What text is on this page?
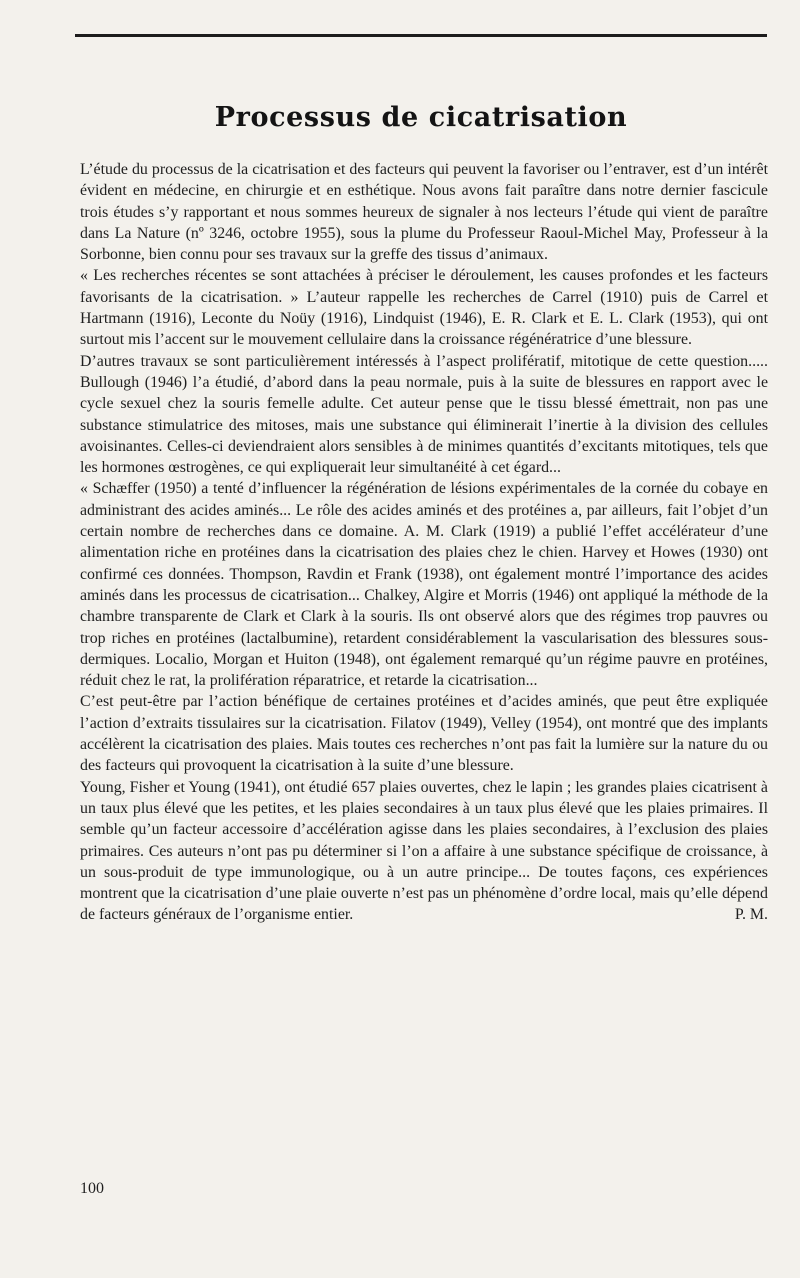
Processus de cicatrisation

L’étude du processus de la cicatrisation et des facteurs qui peuvent la favoriser ou l’entraver, est d’un intérêt évident en médecine, en chirurgie et en esthétique. Nous avons fait paraître dans notre dernier fascicule trois études s’y rapportant et nous sommes heureux de signaler à nos lecteurs l’étude qui vient de paraître dans La Nature (nº 3246, octobre 1955), sous la plume du Professeur Raoul-Michel May, Professeur à la Sorbonne, bien connu pour ses travaux sur la greffe des tissus d’animaux.

« Les recherches récentes se sont attachées à préciser le déroulement, les causes profondes et les facteurs favorisants de la cicatrisation. » L’auteur rappelle les recherches de Carrel (1910) puis de Carrel et Hartmann (1916), Leconte du Noüy (1916), Lindquist (1946), E. R. Clark et E. L. Clark (1953), qui ont surtout mis l’accent sur le mouvement cellulaire dans la croissance régénératrice d’une blessure.

D’autres travaux se sont particulièrement intéressés à l’aspect prolifératif, mitotique de cette question..... Bullough (1946) l’a étudié, d’abord dans la peau normale, puis à la suite de blessures en rapport avec le cycle sexuel chez la souris femelle adulte. Cet auteur pense que le tissu blessé émettrait, non pas une substance stimulatrice des mitoses, mais une substance qui éliminerait l’inertie à la division des cellules avoisinantes. Celles-ci deviendraient alors sensibles à de minimes quantités d’excitants mitotiques, tels que les hormones œstrogènes, ce qui expliquerait leur simultanéité à cet égard...

« Schæffer (1950) a tenté d’influencer la régénération de lésions expérimentales de la cornée du cobaye en administrant des acides aminés... Le rôle des acides aminés et des protéines a, par ailleurs, fait l’objet d’un certain nombre de recherches dans ce domaine. A. M. Clark (1919) a publié l’effet accélérateur d’une alimentation riche en protéines dans la cicatrisation des plaies chez le chien. Harvey et Howes (1930) ont confirmé ces données. Thompson, Ravdin et Frank (1938), ont également montré l’importance des acides aminés dans les processus de cicatrisation... Chalkey, Algire et Morris (1946) ont appliqué la méthode de la chambre transparente de Clark et Clark à la souris. Ils ont observé alors que des régimes trop pauvres ou trop riches en protéines (lactalbumine), retardent considérablement la vascularisation des blessures sous-dermiques. Localio, Morgan et Huiton (1948), ont également remarqué qu’un régime pauvre en protéines, réduit chez le rat, la prolifération réparatrice, et retarde la cicatrisation...

C’est peut-être par l’action bénéfique de certaines protéines et d’acides aminés, que peut être expliquée l’action d’extraits tissulaires sur la cicatrisation. Filatov (1949), Velley (1954), ont montré que des implants accélèrent la cicatrisation des plaies. Mais toutes ces recherches n’ont pas fait la lumière sur la nature du ou des facteurs qui provoquent la cicatrisation à la suite d’une blessure.

Young, Fisher et Young (1941), ont étudié 657 plaies ouvertes, chez le lapin ; les grandes plaies cicatrisent à un taux plus élevé que les petites, et les plaies secondaires à un taux plus élevé que les plaies primaires. Il semble qu’un facteur accessoire d’accélération agisse dans les plaies secondaires, à l’exclusion des plaies primaires. Ces auteurs n’ont pas pu déterminer si l’on a affaire à une substance spécifique de croissance, à un sous-produit de type immunologique, ou à un autre principe... De toutes façons, ces expériences montrent que la cicatrisation d’une plaie ouverte n’est pas un phénomène d’ordre local, mais qu’elle dépend de facteurs généraux de l’organisme entier.	P. M.

100
